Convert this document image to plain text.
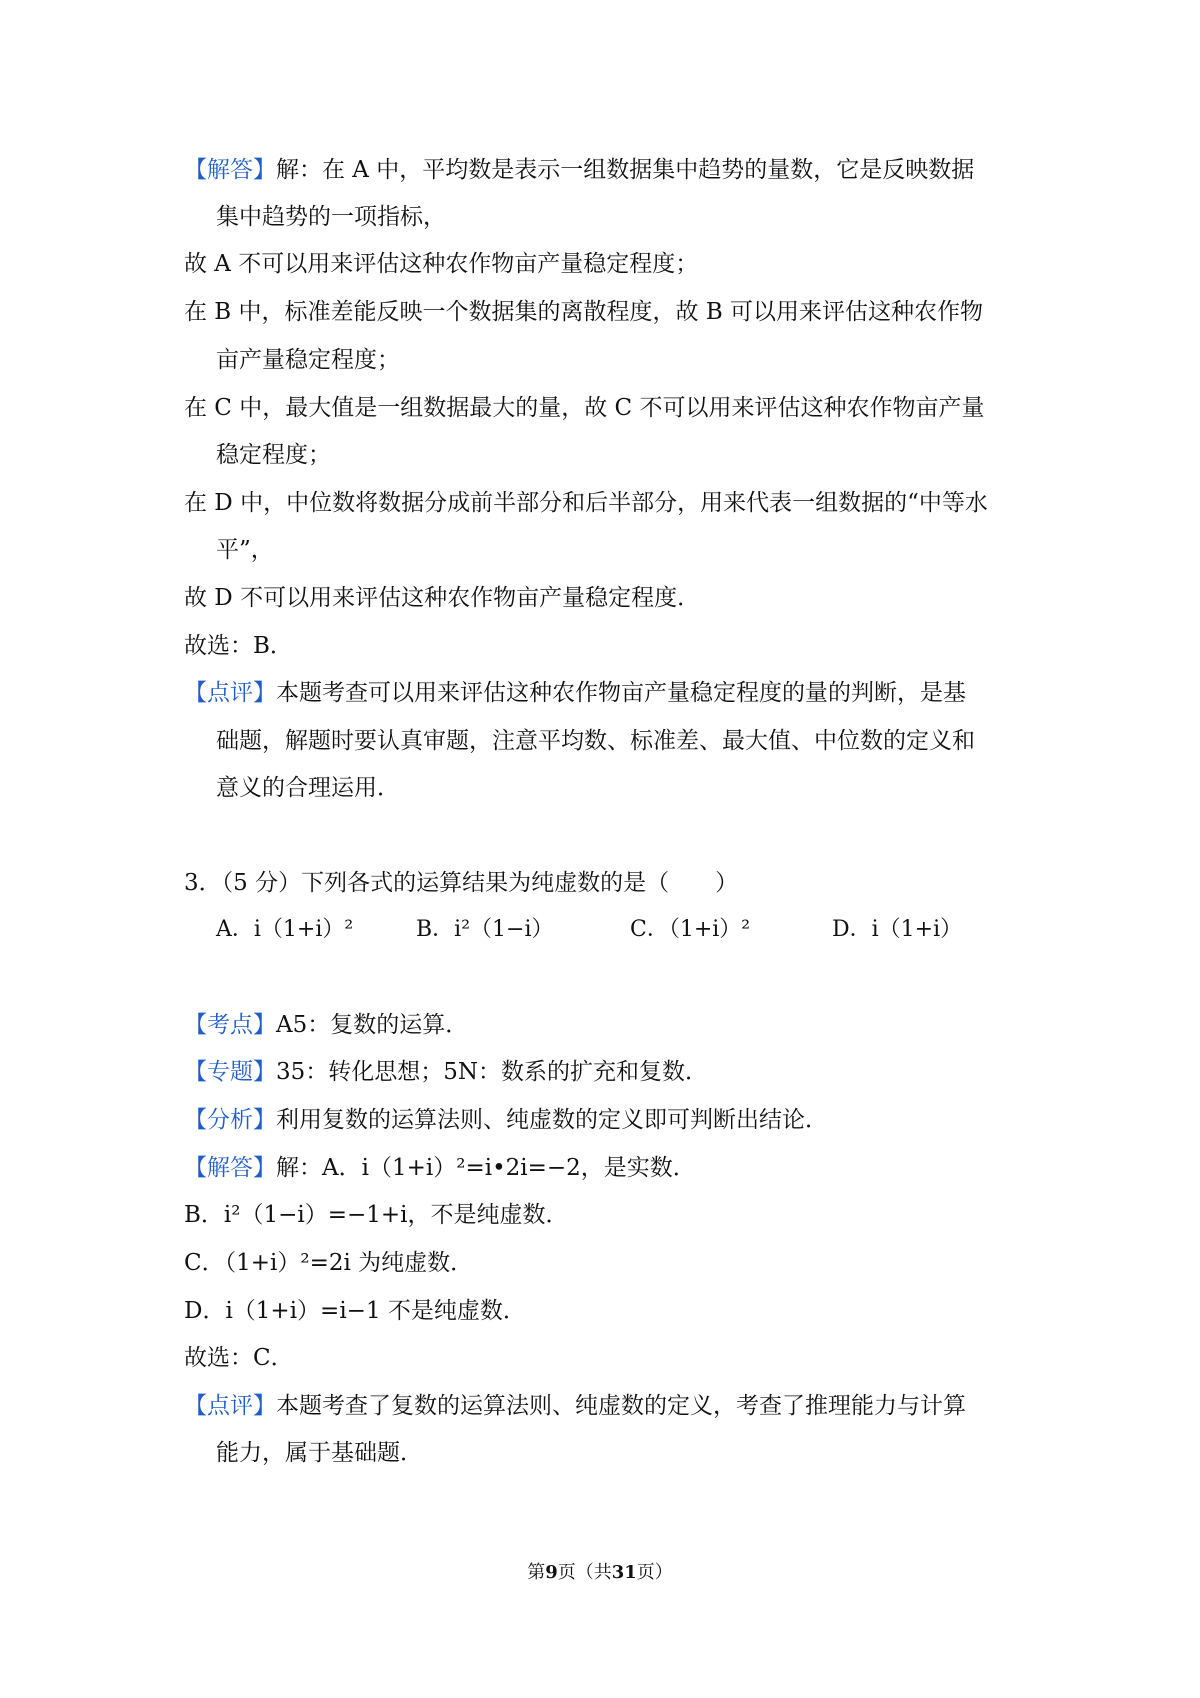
【解答】解：在 A 中，平均数是表示一组数据集中趋势的量数，它是反映数据
集中趋势的一项指标，
故 A 不可以用来评估这种农作物亩产量稳定程度；
在 B 中，标准差能反映一个数据集的离散程度，故 B 可以用来评估这种农作物
亩产量稳定程度；
在 C 中，最大值是一组数据最大的量，故 C 不可以用来评估这种农作物亩产量
稳定程度；
在 D 中，中位数将数据分成前半部分和后半部分，用来代表一组数据的“中等水
平”，
故 D 不可以用来评估这种农作物亩产量稳定程度．
故选：B．
【点评】本题考查可以用来评估这种农作物亩产量稳定程度的量的判断，是基
础题，解题时要认真审题，注意平均数、标准差、最大值、中位数的定义和
意义的合理运用．
3．（5 分）下列各式的运算结果为纯虚数的是（　　）
A．i（1+i）²	B．i²（1−i）	C．（1+i）²	D．i（1+i）
【考点】A5：复数的运算．
【专题】35：转化思想；5N：数系的扩充和复数．
【分析】利用复数的运算法则、纯虚数的定义即可判断出结论．
【解答】解：A．i（1+i）²=i•2i=−2，是实数．
B．i²（1−i）=−1+i，不是纯虚数．
C．（1+i）²=2i 为纯虚数．
D．i（1+i）=i−1 不是纯虚数．
故选：C．
【点评】本题考查了复数的运算法则、纯虚数的定义，考查了推理能力与计算
能力，属于基础题．
第9页（共31页）
